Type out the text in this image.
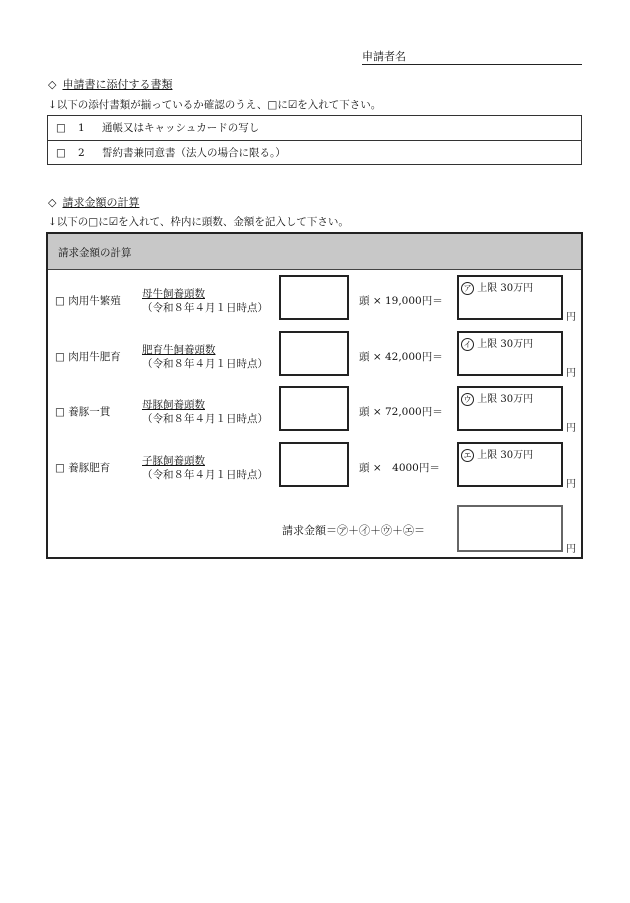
申請者名
◇ 申請書に添付する書類
↓以下の添付書類が揃っているか確認のうえ、□に☑を入れて下さい。
□ 1 通帳又はキャッシュカードの写し
□ 2 誓約書兼同意書（法人の場合に限る。）
◇ 請求金額の計算
↓以下の□に☑を入れて、枠内に頭数、金額を記入して下さい。
請求金額の計算
□ 肉用牛繁殖
母牛飼養頭数
（令和８年４月１日時点）
頭 × 19,000円＝
ア 上限 30万円
円
□ 肉用牛肥育
肥育牛飼養頭数
（令和８年４月１日時点）
頭 × 42,000円＝
イ 上限 30万円
円
□ 養豚一貫
母豚飼養頭数
（令和８年４月１日時点）
頭 × 72,000円＝
ウ 上限 30万円
円
□ 養豚肥育
子豚飼養頭数
（令和８年４月１日時点）
頭 ×　4000円＝
エ 上限 30万円
円
請求金額＝㋐＋㋑＋㋒＋㋓＝
円
